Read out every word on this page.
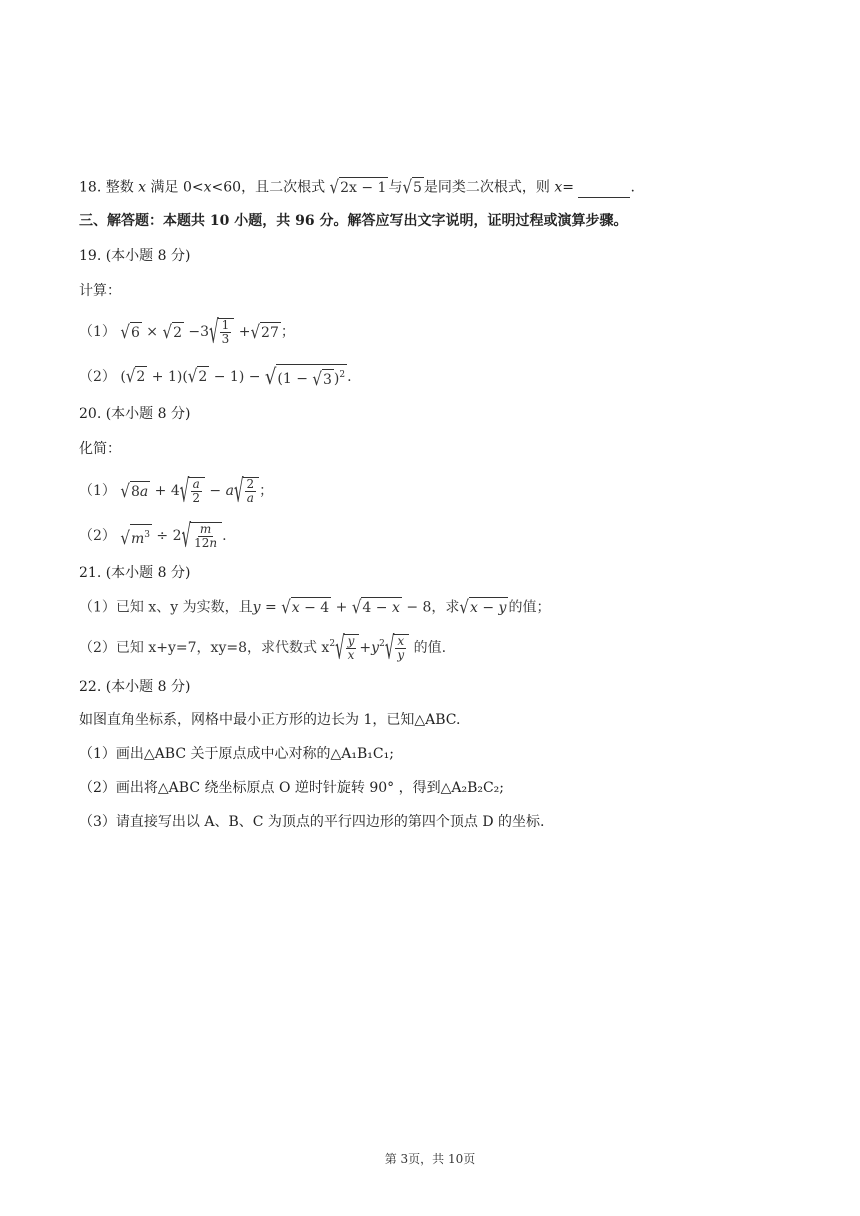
18. 整数 x 满足 0<x<60，且二次根式 √2x − 1 与√5 是同类二次根式，则 x=	.
三、解答题：本题共 10 小题，共 96 分。解答应写出文字说明，证明过程或演算步骤。
19. (本小题 8 分)
计算：
（1） $√6 \times √2 -3√ \frac{1}{3} +√27$ ；
（2） (√2 + 1)(√2 − 1) − √(1 − √3 )$^2$ .
20. (本小题 8 分)
化简：
（1） $√8a + 4√ \frac{a}{2} - a√ \frac{2}{a}$ ；
（2） $√m^3 \div 2√ \frac{m}{12n}$ .
21. (本小题 8 分)
（1）已知 x、y 为实数，且y = √x − 4 + √4 − x − 8，求√x − y 的值；
（2）已知 x+y=7，xy=8，求代数式 $x^2√ \frac{y}{x} +y^2√ \frac{x}{y}$ 的值.
22. (本小题 8 分)
如图直角坐标系，网格中最小正方形的边长为 1，已知△ABC.
（1）画出△ABC 关于原点成中心对称的△A₁B₁C₁;
（2）画出将△ABC 绕坐标原点 O 逆时针旋转 90° ，得到△A₂B₂C₂;
（3）请直接写出以 A、B、C 为顶点的平行四边形的第四个顶点 D 的坐标.
第 3页，共 10页
